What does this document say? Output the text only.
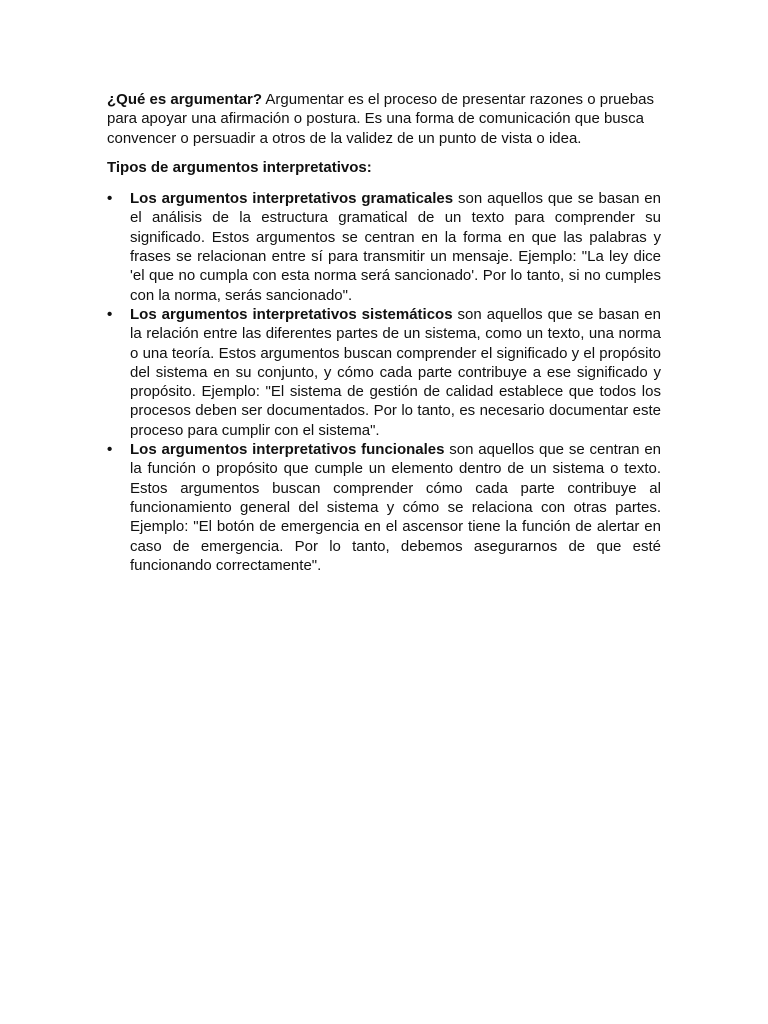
¿Qué es argumentar? Argumentar es el proceso de presentar razones o pruebas para apoyar una afirmación o postura. Es una forma de comunicación que busca convencer o persuadir a otros de la validez de un punto de vista o idea.

Tipos de argumentos interpretativos:

• Los argumentos interpretativos gramaticales son aquellos que se basan en el análisis de la estructura gramatical de un texto para comprender su significado. Estos argumentos se centran en la forma en que las palabras y frases se relacionan entre sí para transmitir un mensaje. Ejemplo: "La ley dice 'el que no cumpla con esta norma será sancionado'. Por lo tanto, si no cumples con la norma, serás sancionado".
• Los argumentos interpretativos sistemáticos son aquellos que se basan en la relación entre las diferentes partes de un sistema, como un texto, una norma o una teoría. Estos argumentos buscan comprender el significado y el propósito del sistema en su conjunto, y cómo cada parte contribuye a ese significado y propósito. Ejemplo: "El sistema de gestión de calidad establece que todos los procesos deben ser documentados. Por lo tanto, es necesario documentar este proceso para cumplir con el sistema".
• Los argumentos interpretativos funcionales son aquellos que se centran en la función o propósito que cumple un elemento dentro de un sistema o texto. Estos argumentos buscan comprender cómo cada parte contribuye al funcionamiento general del sistema y cómo se relaciona con otras partes. Ejemplo: "El botón de emergencia en el ascensor tiene la función de alertar en caso de emergencia. Por lo tanto, debemos asegurarnos de que esté funcionando correctamente".
